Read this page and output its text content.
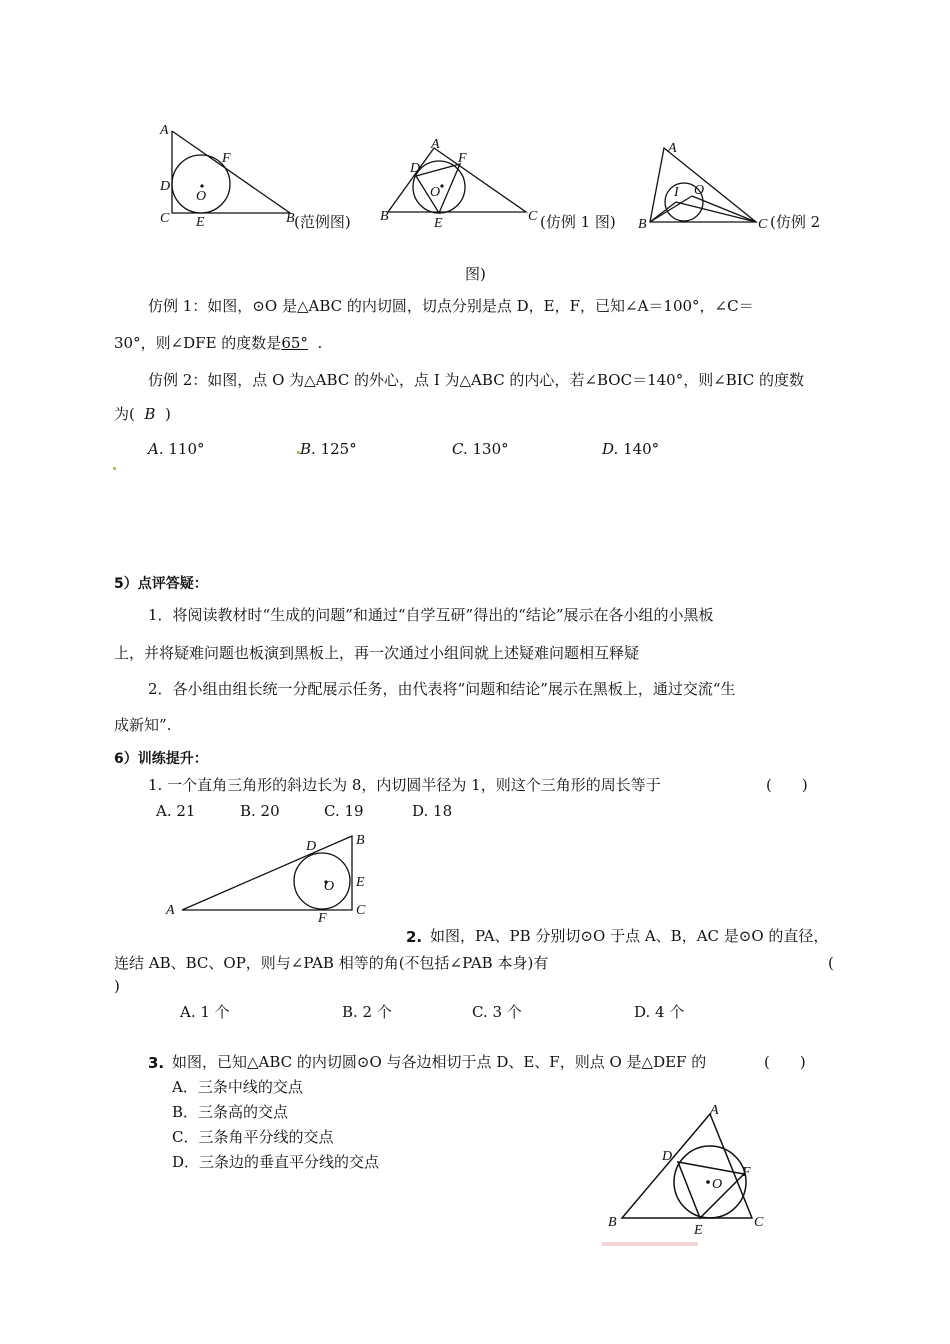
A
F
D
O
C E	B (范例图)
A
F
D
O
B	E	C (仿例 1 图)
A
I O
B	C (仿例 2
图)
仿例 1：如图，⊙O 是△ABC 的内切圆，切点分别是点 D，E，F，已知∠A＝100°，∠C＝
30°，则∠DFE 的度数是65° .
仿例 2：如图，点 O 为△ABC 的外心，点 I 为△ABC 的内心，若∠BOC＝140°，则∠BIC 的度数
为( B )
A. 110°	B. 125°	C. 130°	D. 140°
5）点评答疑：
1．将阅读教材时“生成的问题”和通过“自学互研”得出的“结论”展示在各小组的小黑板
上，并将疑难问题也板演到黑板上，再一次通过小组间就上述疑难问题相互释疑
2．各小组由组长统一分配展示任务，由代表将“问题和结论”展示在黑板上，通过交流“生
成新知”.
6）训练提升：
1. 一个直角三角形的斜边长为 8，内切圆半径为 1，则这个三角形的周长等于	(　　)
A. 21	B. 20	C. 19	D. 18
A
D	B
E
O
C
F
2. 如图，PA、PB 分别切⊙O 于点 A、B，AC 是⊙O 的直径，
连结 AB、BC、OP，则与∠PAB 相等的角(不包括∠PAB 本身)有	(
)
A. 1 个	B. 2 个	C. 3 个	D. 4 个
3. 如图，已知△ABC 的内切圆⊙O 与各边相切于点 D、E、F，则点 O 是△DEF 的	(　　)
A．三条中线的交点
B．三条高的交点
C．三条角平分线的交点
D．三条边的垂直平分线的交点
A
D
F
O
B
E
C
